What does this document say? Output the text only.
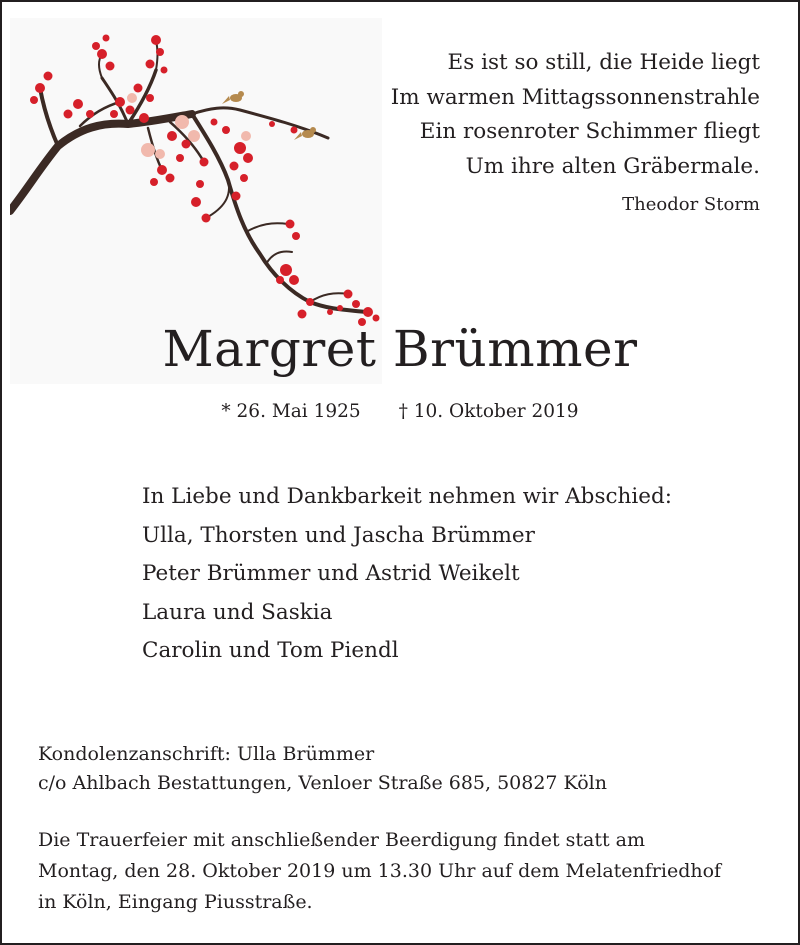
Es ist so still, die Heide liegt
Im warmen Mittagssonnenstrahle
Ein rosenroter Schimmer fliegt
Um ihre alten Gräbermale.
Theodor Storm
Margret Brümmer
* 26. Mai 1925 † 10. Oktober 2019
In Liebe und Dankbarkeit nehmen wir Abschied:
Ulla, Thorsten und Jascha Brümmer
Peter Brümmer und Astrid Weikelt
Laura und Saskia
Carolin und Tom Piendl
Kondolenzanschrift: Ulla Brümmer
c/o Ahlbach Bestattungen, Venloer Straße 685, 50827 Köln
Die Trauerfeier mit anschließender Beerdigung findet statt am
Montag, den 28. Oktober 2019 um 13.30 Uhr auf dem Melatenfriedhof
in Köln, Eingang Piusstraße.
